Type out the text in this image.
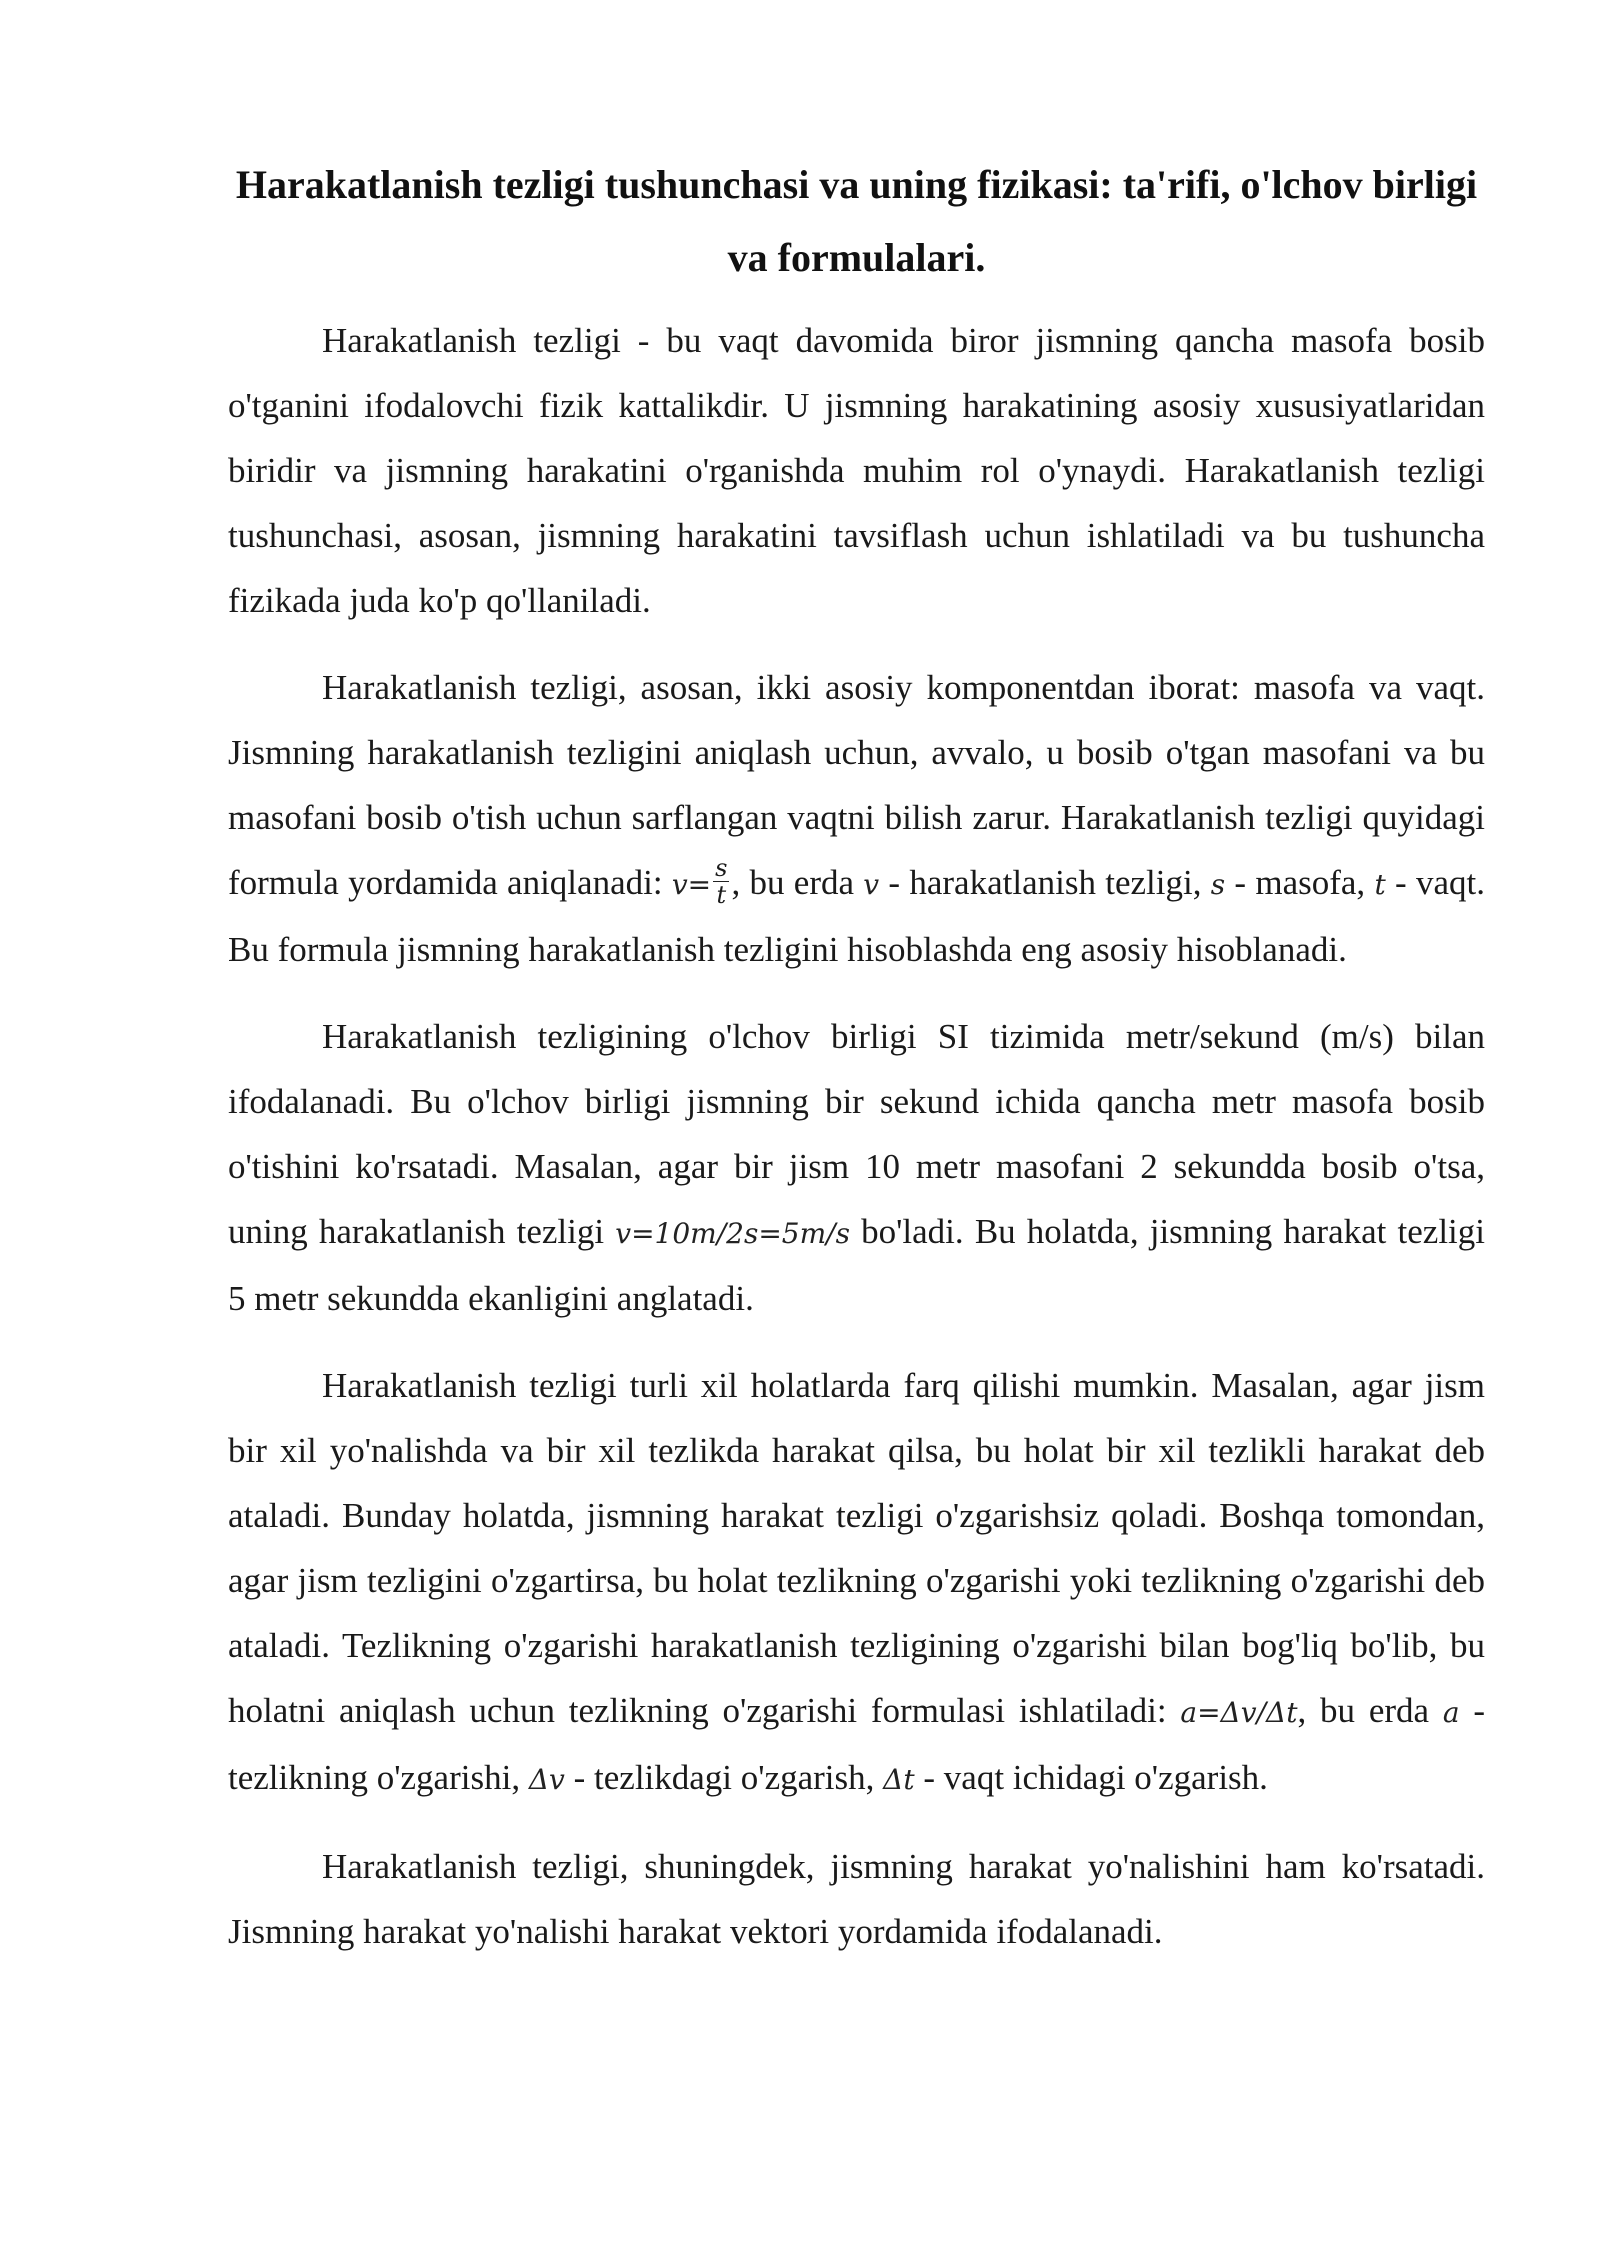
Harakatlanish tezligi tushunchasi va uning fizikasi: ta'rifi, o'lchov birligi va formulalari.

Harakatlanish tezligi - bu vaqt davomida biror jismning qancha masofa bosib o'tganini ifodalovchi fizik kattalikdir. U jismning harakatining asosiy xususiyatlaridan biridir va jismning harakatini o'rganishda muhim rol o'ynaydi. Harakatlanish tezligi tushunchasi, asosan, jismning harakatini tavsiflash uchun ishlatiladi va bu tushuncha fizikada juda ko'p qo'llaniladi.

Harakatlanish tezligi, asosan, ikki asosiy komponentdan iborat: masofa va vaqt. Jismning harakatlanish tezligini aniqlash uchun, avvalo, u bosib o'tgan masofani va bu masofani bosib o'tish uchun sarflangan vaqtni bilish zarur. Harakatlanish tezligi quyidagi formula yordamida aniqlanadi: $v= \frac{s}{t}$ , bu erda v - harakatlanish tezligi, s - masofa, t - vaqt. Bu formula jismning harakatlanish tezligini hisoblashda eng asosiy hisoblanadi.

Harakatlanish tezligining o'lchov birligi SI tizimida metr/sekund (m/s) bilan ifodalanadi. Bu o'lchov birligi jismning bir sekund ichida qancha metr masofa bosib o'tishini ko'rsatadi. Masalan, agar bir jism 10 metr masofani 2 sekundda bosib o'tsa, uning harakatlanish tezligi v=10m/2s=5m/s bo'ladi. Bu holatda, jismning harakat tezligi 5 metr sekundda ekanligini anglatadi.

Harakatlanish tezligi turli xil holatlarda farq qilishi mumkin. Masalan, agar jism bir xil yo'nalishda va bir xil tezlikda harakat qilsa, bu holat bir xil tezlikli harakat deb ataladi. Bunday holatda, jismning harakat tezligi o'zgarishsiz qoladi. Boshqa tomondan, agar jism tezligini o'zgartirsa, bu holat tezlikning o'zgarishi yoki tezlikning o'zgarishi deb ataladi. Tezlikning o'zgarishi harakatlanish tezligining o'zgarishi bilan bog'liq bo'lib, bu holatni aniqlash uchun tezlikning o'zgarishi formulasi ishlatiladi: a=Δv/Δt, bu erda a - tezlikning o'zgarishi, Δv - tezlikdagi o'zgarish, Δt - vaqt ichidagi o'zgarish.

Harakatlanish tezligi, shuningdek, jismning harakat yo'nalishini ham ko'rsatadi. Jismning harakat yo'nalishi harakat vektori yordamida ifodalanadi.
